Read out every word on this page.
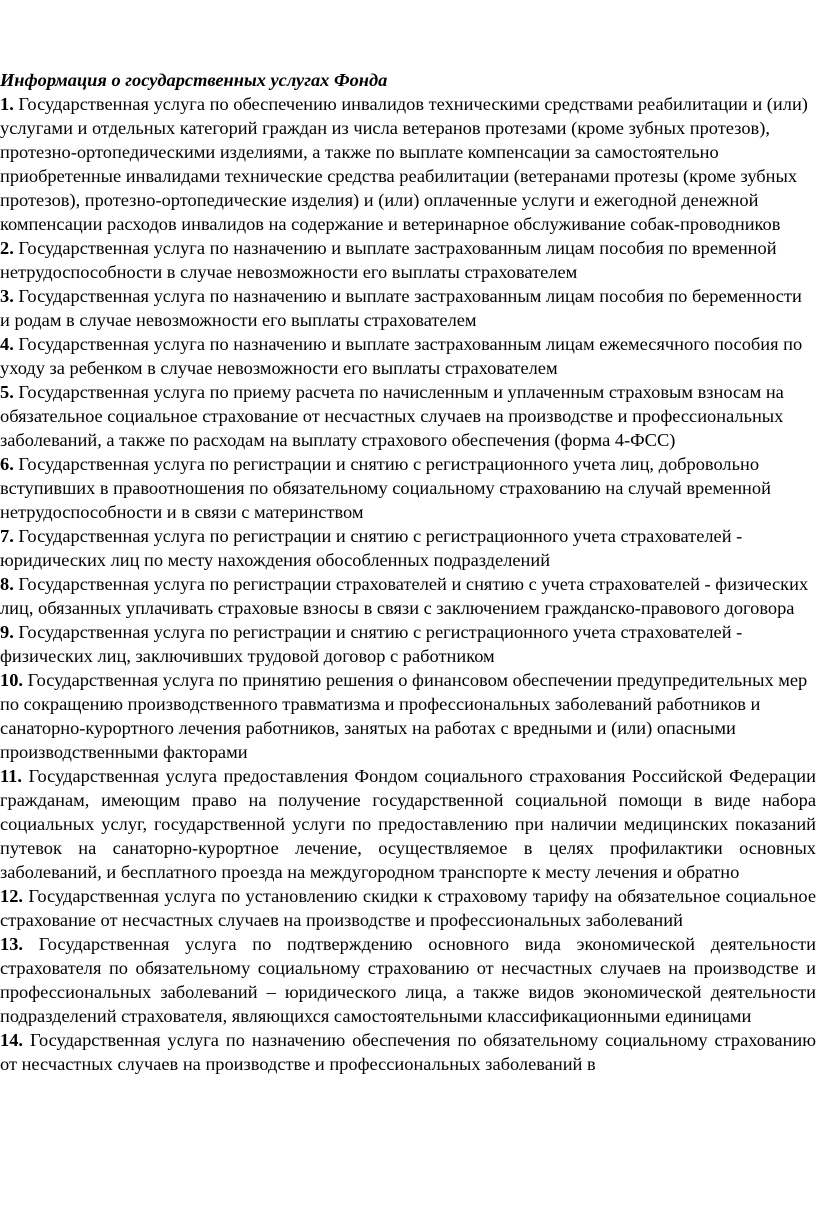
Информация о государственных услугах Фонда

1. Государственная услуга по обеспечению инвалидов техническими средствами реабилитации и (или) услугами и отдельных категорий граждан из числа ветеранов протезами (кроме зубных протезов), протезно-ортопедическими изделиями, а также по выплате компенсации за самостоятельно приобретенные инвалидами технические средства реабилитации (ветеранами протезы (кроме зубных протезов), протезно-ортопедические изделия) и (или) оплаченные услуги и ежегодной денежной компенсации расходов инвалидов на содержание и ветеринарное обслуживание собак-проводников

2. Государственная услуга по назначению и выплате застрахованным лицам пособия по временной нетрудоспособности в случае невозможности его выплаты страхователем

3. Государственная услуга по назначению и выплате застрахованным лицам пособия по беременности и родам в случае невозможности его выплаты страхователем

4. Государственная услуга по назначению и выплате застрахованным лицам ежемесячного пособия по уходу за ребенком в случае невозможности его выплаты страхователем

5. Государственная услуга по приему расчета по начисленным и уплаченным страховым взносам на обязательное социальное страхование от несчастных случаев на производстве и профессиональных заболеваний, а также по расходам на выплату страхового обеспечения (форма 4-ФСС)

6. Государственная услуга по регистрации и снятию с регистрационного учета лиц, добровольно вступивших в правоотношения по обязательному социальному страхованию на случай временной нетрудоспособности и в связи с материнством

7. Государственная услуга по регистрации и снятию с регистрационного учета страхователей - юридических лиц по месту нахождения обособленных подразделений

8. Государственная услуга по регистрации страхователей и снятию с учета страхователей - физических лиц, обязанных уплачивать страховые взносы в связи с заключением гражданско-правового договора

9. Государственная услуга по регистрации и снятию с регистрационного учета страхователей - физических лиц, заключивших трудовой договор с работником

10. Государственная услуга по принятию решения о финансовом обеспечении предупредительных мер по сокращению производственного травматизма и профессиональных заболеваний работников и санаторно-курортного лечения работников, занятых на работах с вредными и (или) опасными производственными факторами

11. Государственная услуга предоставления Фондом социального страхования Российской Федерации гражданам, имеющим право на получение государственной социальной помощи в виде набора социальных услуг, государственной услуги по предоставлению при наличии медицинских показаний путевок на санаторно-курортное лечение, осуществляемое в целях профилактики основных заболеваний, и бесплатного проезда на междугородном транспорте к месту лечения и обратно

12. Государственная услуга по установлению скидки к страховому тарифу на обязательное социальное страхование от несчастных случаев на производстве и профессиональных заболеваний

13. Государственная услуга по подтверждению основного вида экономической деятельности страхователя по обязательному социальному страхованию от несчастных случаев на производстве и профессиональных заболеваний – юридического лица, а также видов экономической деятельности подразделений страхователя, являющихся самостоятельными классификационными единицами

14. Государственная услуга по назначению обеспечения по обязательному социальному страхованию от несчастных случаев на производстве и профессиональных заболеваний в
